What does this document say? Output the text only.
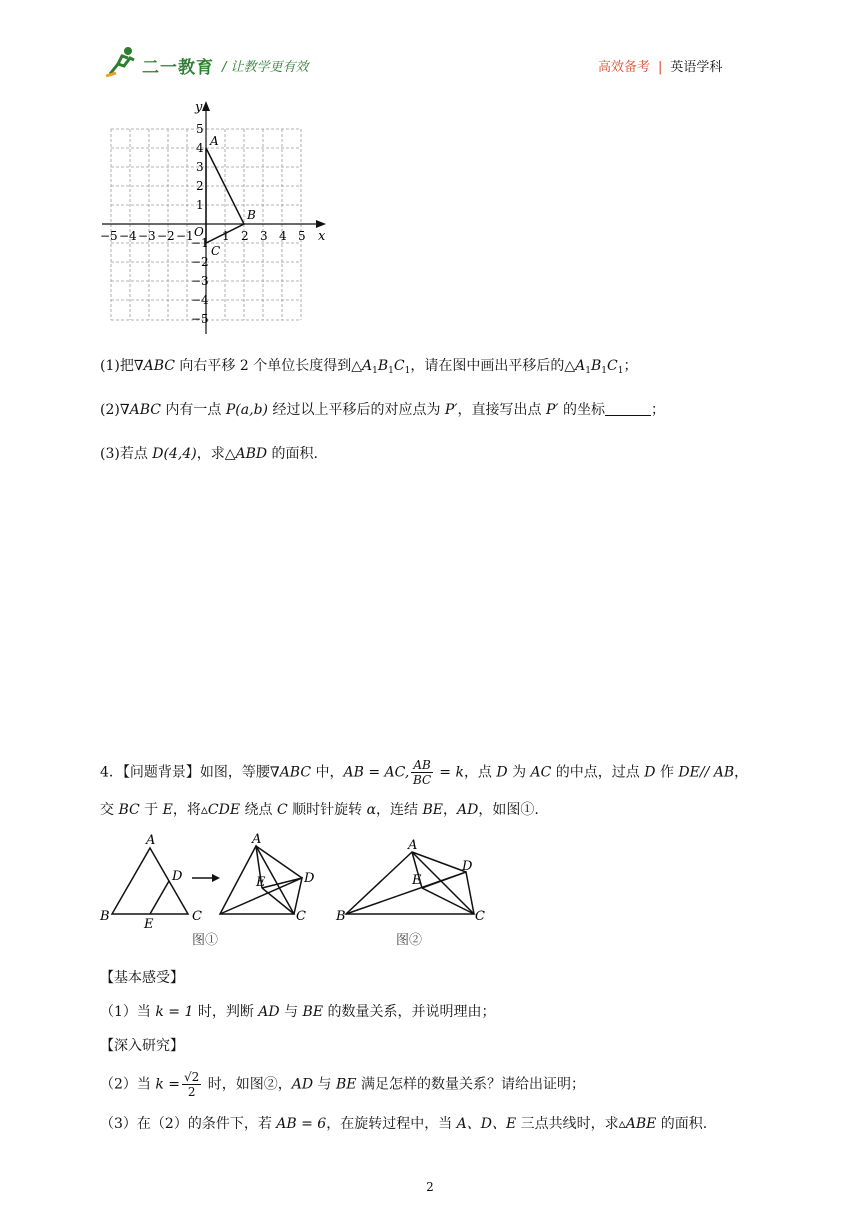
二一教育 / 让教学更有效	高效备考 | 英语学科
x
y
O
−5 −4 −3 −2 −1 1 2 3 4 5
5
4
3
2
1
−1
−2
−3
−4
−5
A
B
C
(1)把∇ABC 向右平移 2 个单位长度得到$\triangle A_1B_1C_1$，请在图中画出平移后的$\triangle A_1B_1C_1$；
(2)∇ABC 内有一点 P(a,b) 经过以上平移后的对应点为 P′，直接写出点 P′ 的坐标	；
(3)若点 D(4,4)，求△ABD 的面积.
4．【问题背景】如图，等腰∇ABC 中，AB = AC, $\frac{AB}{BC} = k$，点 D 为 AC 的中点，过点 D 作 DE// AB，
交 BC 于 E，将▵CDE 绕点 C 顺时针旋转 α，连结 BE，AD，如图①.
A
D
B
E
C
A
E	D
C
A
D
E
B	C
图①	图②
【基本感受】
（1）当 k = 1 时，判断 AD 与 BE 的数量关系，并说明理由；
【深入研究】
（2）当 $k = \frac{√2}{2}$ 时，如图②，AD 与 BE 满足怎样的数量关系？请给出证明；
（3）在（2）的条件下，若 AB = 6，在旋转过程中，当 A、D、E 三点共线时，求▵ABE 的面积.
2
